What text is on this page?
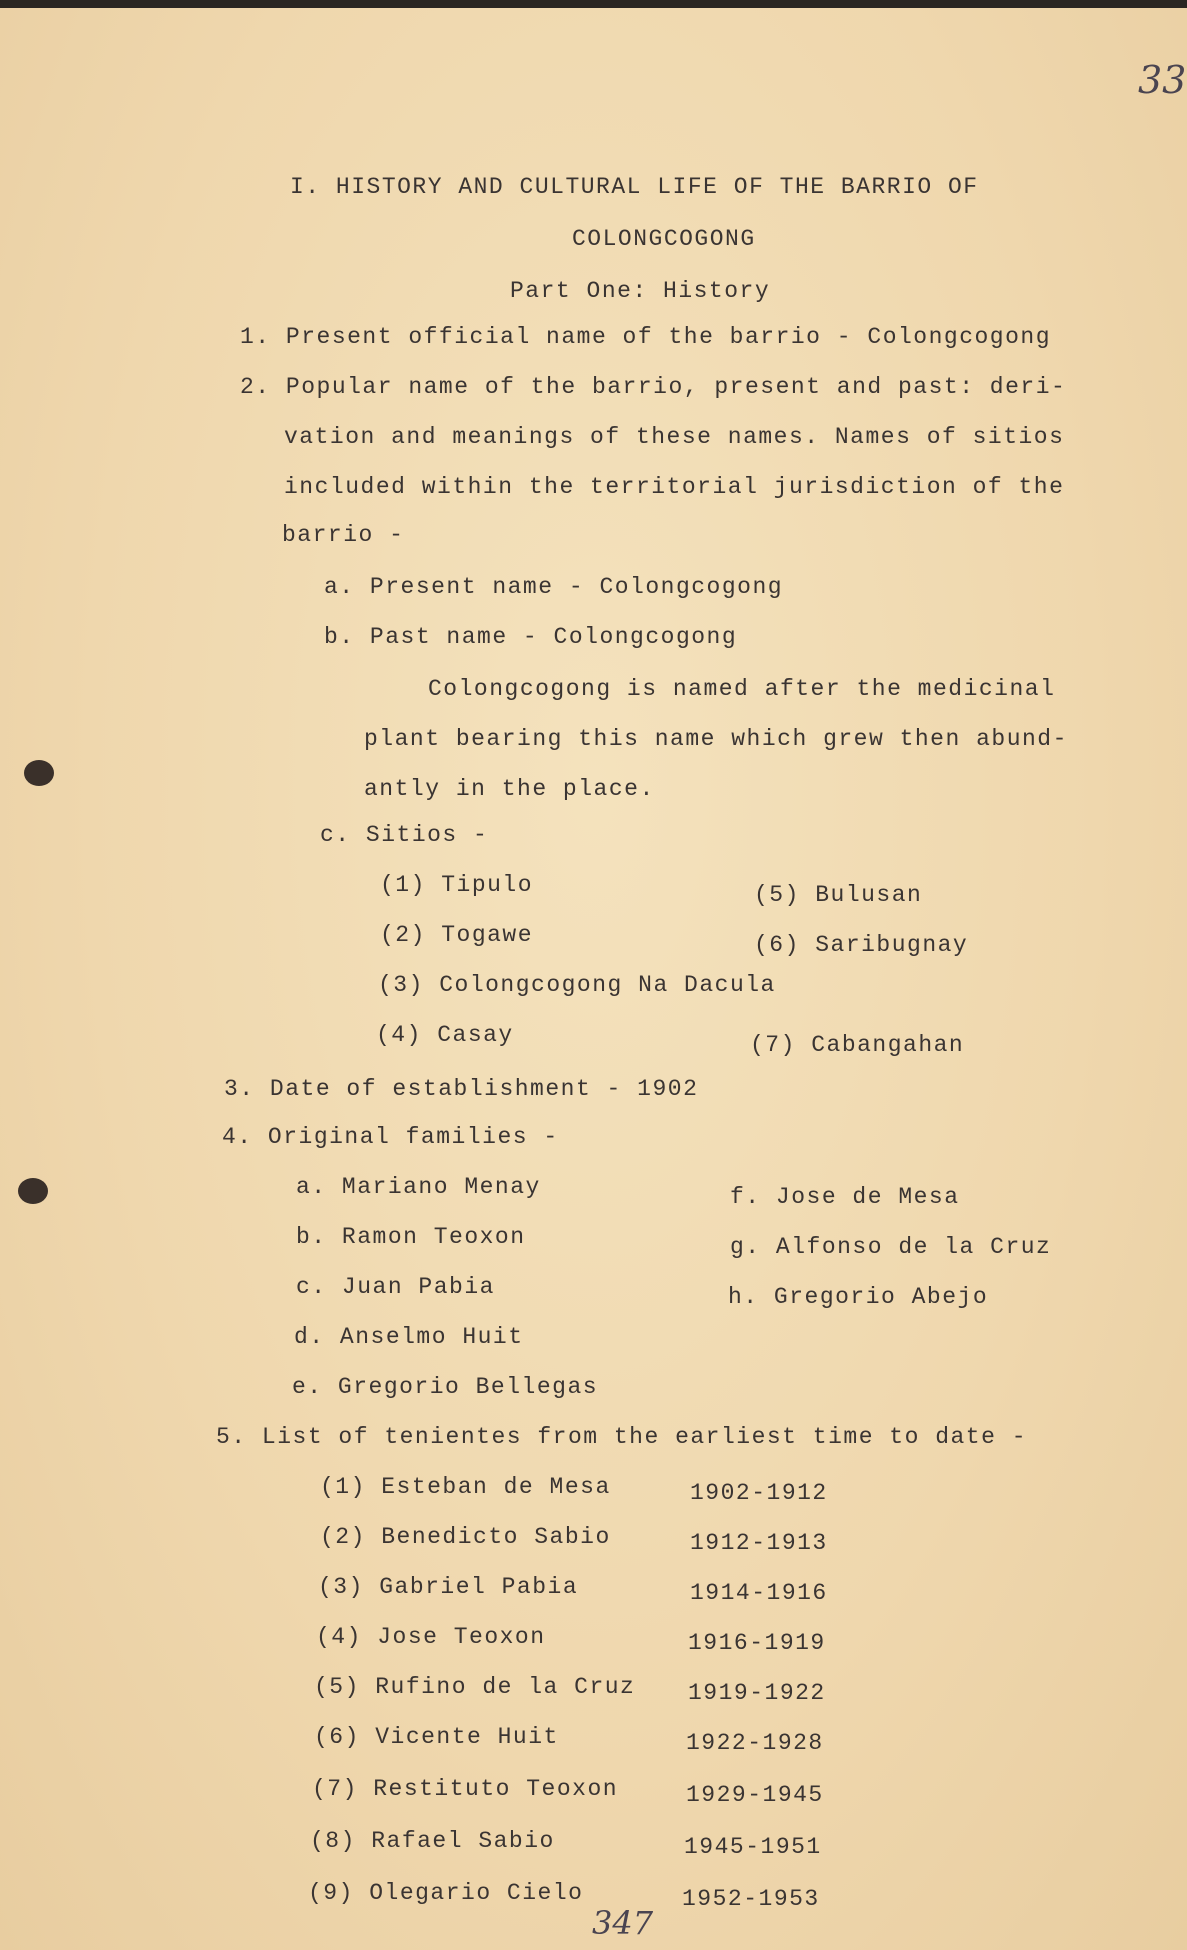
33
I. HISTORY AND CULTURAL LIFE OF THE BARRIO OF
COLONGCOGONG
Part One: History
1. Present official name of the barrio - Colongcogong
2. Popular name of the barrio, present and past: deri-
vation and meanings of these names. Names of sitios
included within the territorial jurisdiction of the
barrio -
a. Present name - Colongcogong
b. Past name - Colongcogong
Colongcogong is named after the medicinal
plant bearing this name which grew then abund-
antly in the place.
c. Sitios -
(1) Tipulo	(5) Bulusan
(2) Togawe	(6) Saribugnay
(3) Colongcogong Na Dacula
(4) Casay	(7) Cabangahan
3. Date of establishment - 1902
4. Original families -
a. Mariano Menay	f. Jose de Mesa
b. Ramon Teoxon	g. Alfonso de la Cruz
c. Juan Pabia	h. Gregorio Abejo
d. Anselmo Huit
e. Gregorio Bellegas
5. List of tenientes from the earliest time to date -
(1) Esteban de Mesa	1902-1912
(2) Benedicto Sabio	1912-1913
(3) Gabriel Pabia	1914-1916
(4) Jose Teoxon	1916-1919
(5) Rufino de la Cruz 1919-1922
(6) Vicente Huit	1922-1928
(7) Restituto Teoxon	1929-1945
(8) Rafael Sabio	1945-1951
(9) Olegario Cielo	1952-1953
347
